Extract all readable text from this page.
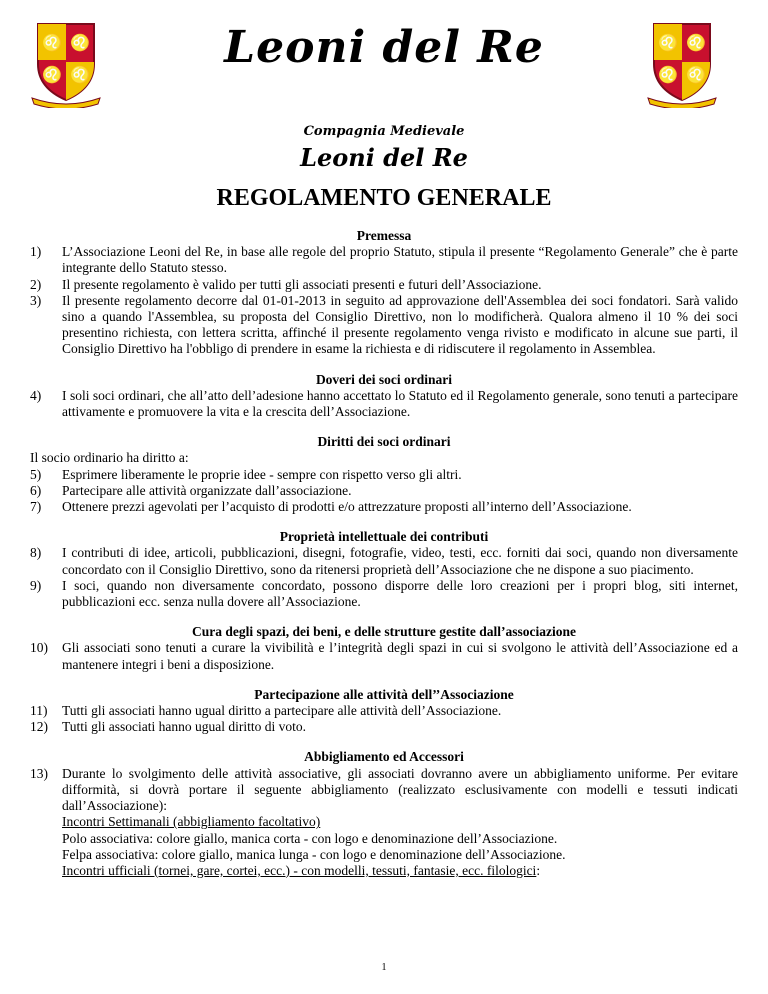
♌ ♌
♌ ♌
♌ ♌
♌ ♌
Leoni del Re
Compagnia Medievale
Leoni del Re
REGOLAMENTO GENERALE
Premessa
1)	L’Associazione Leoni del Re, in base alle regole del proprio Statuto, stipula il presente “Regolamento Generale” che è parte integrante dello Statuto stesso.
2)	Il presente regolamento è valido per tutti gli associati presenti e futuri dell’Associazione.
3)	Il presente regolamento decorre dal 01-01-2013 in seguito ad approvazione dell'Assemblea dei soci fondatori. Sarà valido sino a quando l'Assemblea, su proposta del Consiglio Direttivo, non lo modificherà. Qualora almeno il 10 % dei soci presentino richiesta, con lettera scritta, affinché il presente regolamento venga rivisto e modificato in alcune sue parti, il Consiglio Direttivo ha l'obbligo di prendere in esame la richiesta e di ridiscutere il regolamento in Assemblea.
Doveri dei soci ordinari
4)	I soli soci ordinari, che all’atto dell’adesione hanno accettato lo Statuto ed il Regolamento generale, sono tenuti a partecipare attivamente e promuovere la vita e la crescita dell’Associazione.
Diritti dei soci ordinari
Il socio ordinario ha diritto a:
5)	Esprimere liberamente le proprie idee - sempre con rispetto verso gli altri.
6)	Partecipare alle attività organizzate dall’associazione.
7)	Ottenere prezzi agevolati per l’acquisto di prodotti e/o attrezzature proposti all’interno dell’Associazione.
Proprietà intellettuale dei contributi
8)	I contributi di idee, articoli, pubblicazioni, disegni, fotografie, video, testi, ecc. forniti dai soci, quando non diversamente concordato con il Consiglio Direttivo, sono da ritenersi proprietà dell’Associazione che ne dispone a suo piacimento.
9)	I soci, quando non diversamente concordato, possono disporre delle loro creazioni per i propri blog, siti internet, pubblicazioni ecc. senza nulla dovere all’Associazione.
Cura degli spazi, dei beni, e delle strutture gestite dall’associazione
10)	Gli associati sono tenuti a curare la vivibilità e l’integrità degli spazi in cui si svolgono le attività dell’Associazione ed a mantenere integri i beni a disposizione.
Partecipazione alle attività dell’’Associazione
11)	Tutti gli associati hanno ugual diritto a partecipare alle attività dell’Associazione.
12)	Tutti gli associati hanno ugual diritto di voto.
Abbigliamento ed Accessori
13)	Durante lo svolgimento delle attività associative, gli associati dovranno avere un abbigliamento uniforme. Per evitare difformità, si dovrà portare il seguente abbigliamento (realizzato esclusivamente con modelli e tessuti indicati dall’Associazione):
Incontri Settimanali (abbigliamento facoltativo)
Polo associativa: colore giallo, manica corta - con logo e denominazione dell’Associazione.
Felpa associativa: colore giallo, manica lunga - con logo e denominazione dell’Associazione.
Incontri ufficiali (tornei, gare, cortei, ecc.) - con modelli, tessuti, fantasie, ecc. filologici:
1
